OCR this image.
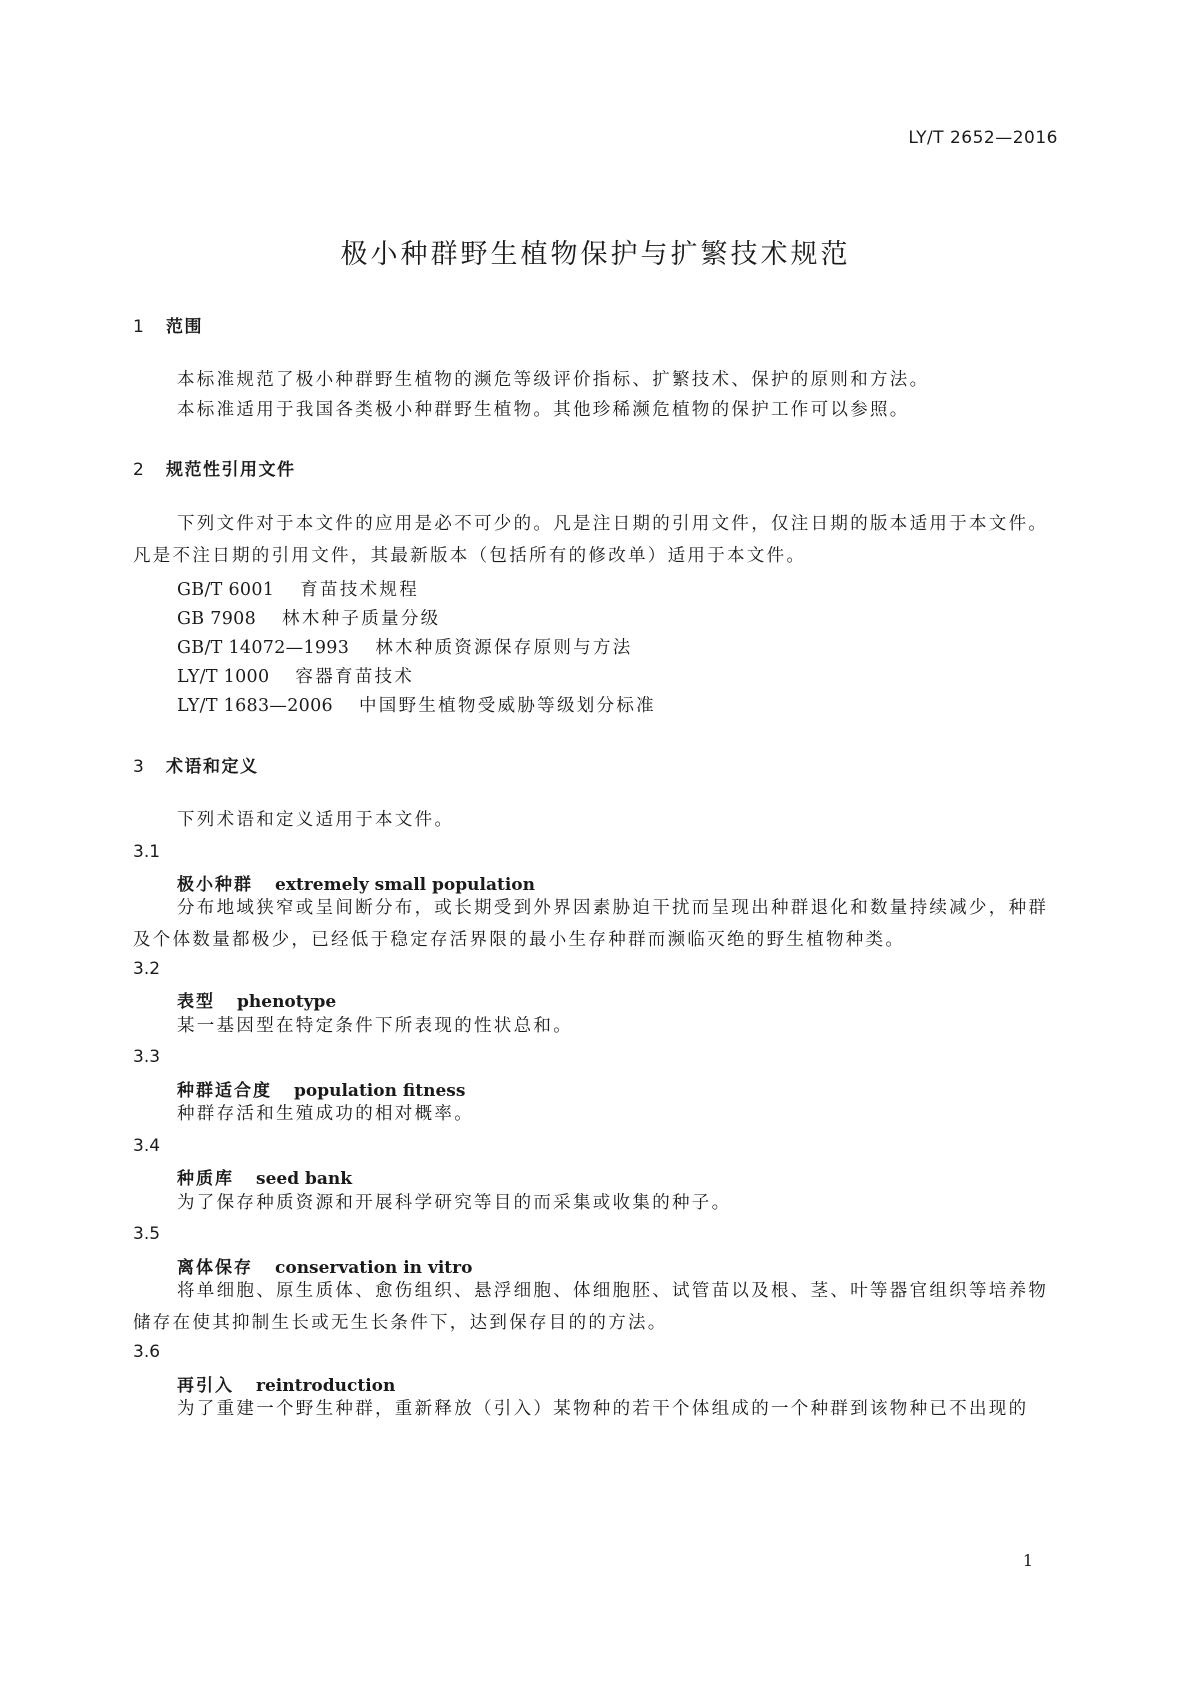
LY/T 2652—2016
极小种群野生植物保护与扩繁技术规范
1 范围
本标准规范了极小种群野生植物的濒危等级评价指标、扩繁技术、保护的原则和方法。
本标准适用于我国各类极小种群野生植物。其他珍稀濒危植物的保护工作可以参照。
2 规范性引用文件
下列文件对于本文件的应用是必不可少的。凡是注日期的引用文件，仅注日期的版本适用于本文件。凡是不注日期的引用文件，其最新版本（包括所有的修改单）适用于本文件。
GB/T 6001 育苗技术规程
GB 7908 林木种子质量分级
GB/T 14072—1993 林木种质资源保存原则与方法
LY/T 1000 容器育苗技术
LY/T 1683—2006 中国野生植物受威胁等级划分标准
3 术语和定义
下列术语和定义适用于本文件。
3.1
极小种群 extremely small population
分布地域狭窄或呈间断分布，或长期受到外界因素胁迫干扰而呈现出种群退化和数量持续减少，种群及个体数量都极少，已经低于稳定存活界限的最小生存种群而濒临灭绝的野生植物种类。
3.2
表型 phenotype
某一基因型在特定条件下所表现的性状总和。
3.3
种群适合度 population fitness
种群存活和生殖成功的相对概率。
3.4
种质库 seed bank
为了保存种质资源和开展科学研究等目的而采集或收集的种子。
3.5
离体保存 conservation in vitro
将单细胞、原生质体、愈伤组织、悬浮细胞、体细胞胚、试管苗以及根、茎、叶等器官组织等培养物储存在使其抑制生长或无生长条件下，达到保存目的的方法。
3.6
再引入 reintroduction
为了重建一个野生种群，重新释放（引入）某物种的若干个体组成的一个种群到该物种已不出现的
1
